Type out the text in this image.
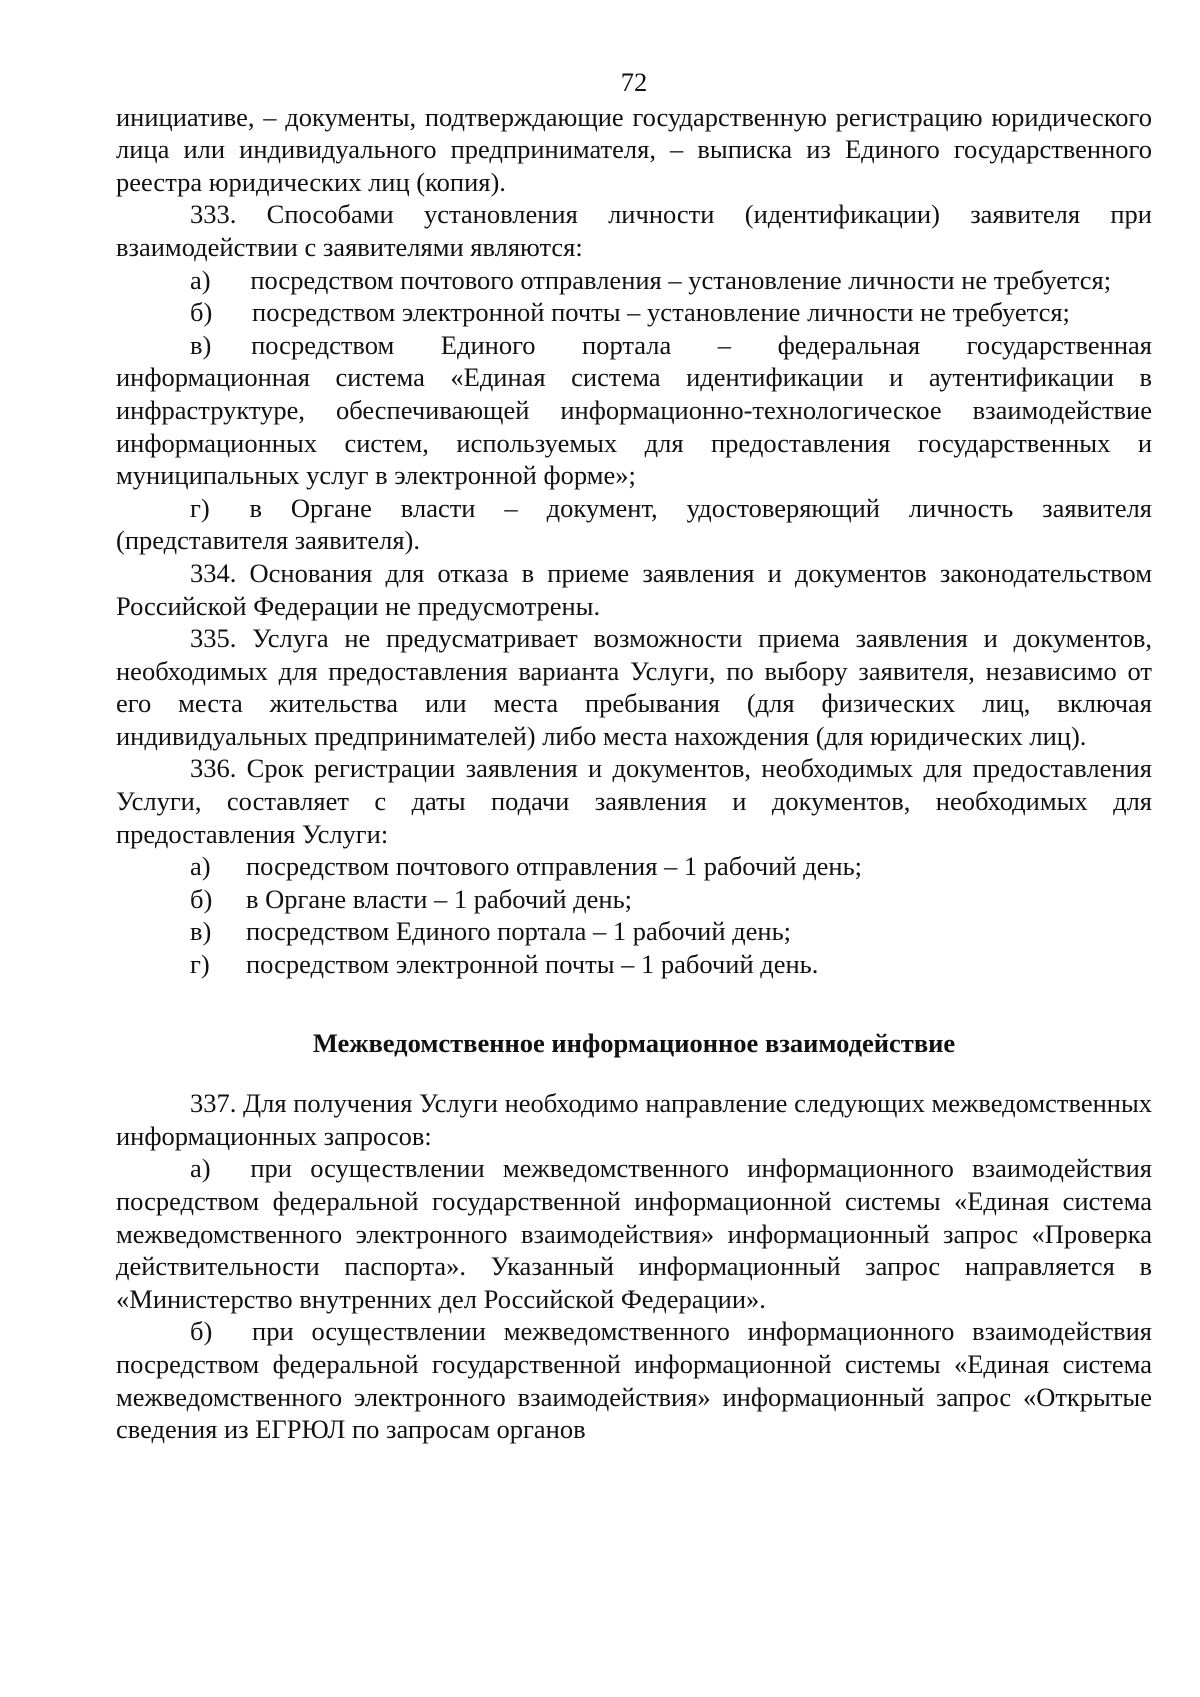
72

инициативе, – документы, подтверждающие государственную регистрацию юридического лица или индивидуального предпринимателя, – выписка из Единого государственного реестра юридических лиц (копия).

333. Способами установления личности (идентификации) заявителя при взаимодействии с заявителями являются:

а)  посредством почтового отправления – установление личности не требуется;

б)  посредством электронной почты – установление личности не требуется;

в)  посредством Единого портала – федеральная государственная информационная система «Единая система идентификации и аутентификации в инфраструктуре, обеспечивающей информационно-технологическое взаимодействие информационных систем, используемых для предоставления государственных и муниципальных услуг в электронной форме»;

г)  в Органе власти – документ, удостоверяющий личность заявителя (представителя заявителя).

334. Основания для отказа в приеме заявления и документов законодательством Российской Федерации не предусмотрены.

335. Услуга не предусматривает возможности приема заявления и документов, необходимых для предоставления варианта Услуги, по выбору заявителя, независимо от его места жительства или места пребывания (для физических лиц, включая индивидуальных предпринимателей) либо места нахождения (для юридических лиц).

336. Срок регистрации заявления и документов, необходимых для предоставления Услуги, составляет с даты подачи заявления и документов, необходимых для предоставления Услуги:

а) посредством почтового отправления – 1 рабочий день;
б) в Органе власти – 1 рабочий день;
в) посредством Единого портала – 1 рабочий день;
г) посредством электронной почты – 1 рабочий день.
Межведомственное информационное взаимодействие

337. Для получения Услуги необходимо направление следующих межведомственных информационных запросов:

а)  при осуществлении межведомственного информационного взаимодействия посредством федеральной государственной информационной системы «Единая система межведомственного электронного взаимодействия» информационный запрос «Проверка действительности паспорта». Указанный информационный запрос направляется в «Министерство внутренних дел Российской Федерации».

б)  при осуществлении межведомственного информационного взаимодействия посредством федеральной государственной информационной системы «Единая система межведомственного электронного взаимодействия» информационный запрос «Открытые сведения из ЕГРЮЛ по запросам органов
